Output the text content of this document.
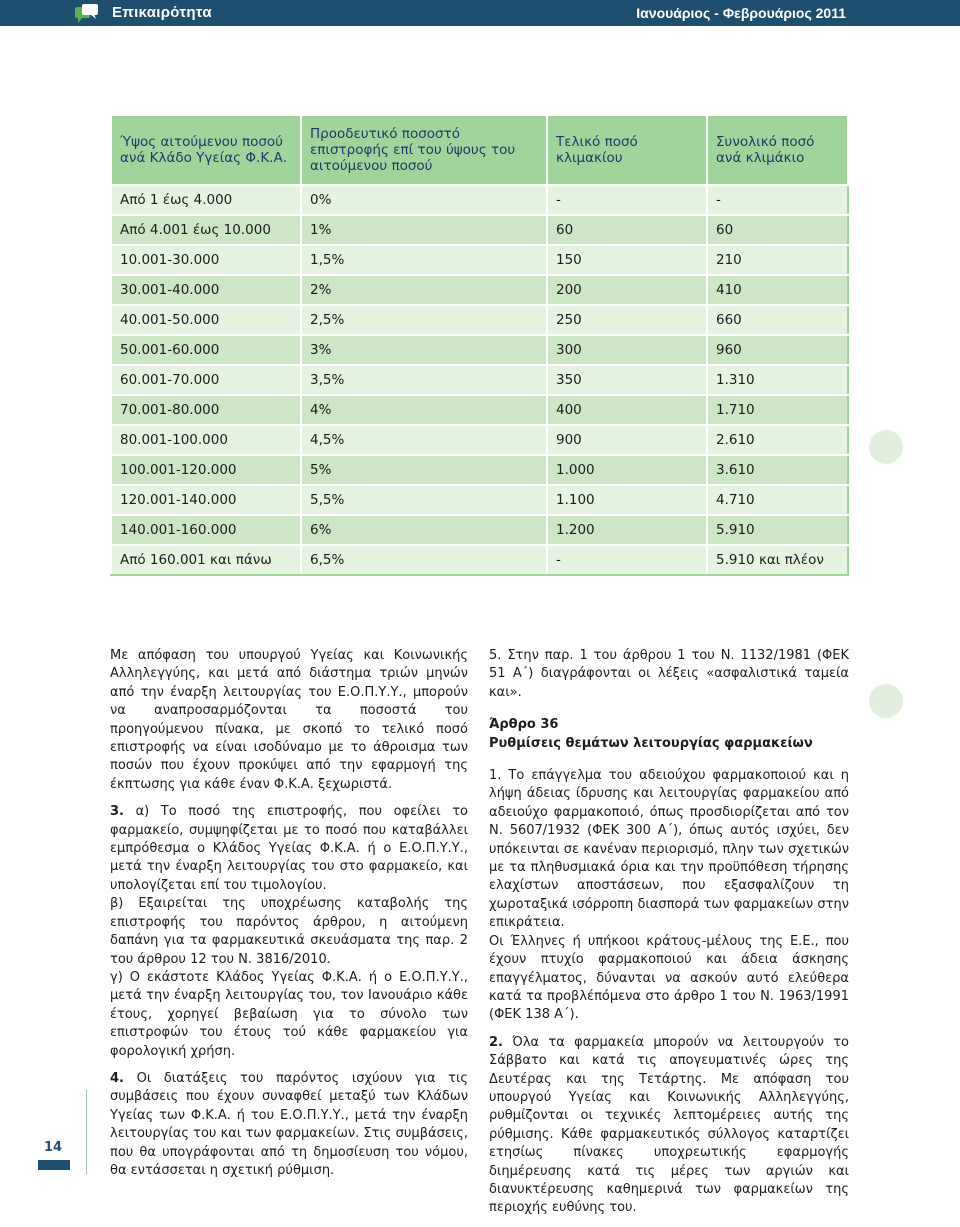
Επικαιρότητα	Ιανουάριος - Φεβρουάριος 2011
Ύψος αιτούμενου ποσού ανά Κλάδο Υγείας Φ.Κ.Α.	Προοδευτικό ποσοστό επιστροφής επί του ύψους του αιτούμενου ποσού	Τελικό ποσό κλιμακίου	Συνολικό ποσό ανά κλιμάκιο
Από 1 έως 4.000	0%	-	-
Από 4.001 έως 10.000	1%	60	60
10.001-30.000	1,5%	150	210
30.001-40.000	2%	200	410
40.001-50.000	2,5%	250	660
50.001-60.000	3%	300	960
60.001-70.000	3,5%	350	1.310
70.001-80.000	4%	400	1.710
80.001-100.000	4,5%	900	2.610
100.001-120.000	5%	1.000	3.610
120.001-140.000	5,5%	1.100	4.710
140.001-160.000	6%	1.200	5.910
Από 160.001 και πάνω	6,5%	-	5.910 και πλέον

Με απόφαση του υπουργού Υγείας και Κοινωνικής Αλληλεγγύης, και μετά από διάστημα τριών μηνών από την έναρξη λειτουργίας του Ε.Ο.Π.Υ.Υ., μπορούν να αναπροσαρμόζονται τα ποσοστά του προηγούμενου πίνακα, με σκοπό το τελικό ποσό επιστροφής να είναι ισοδύναμο με το άθροισμα των ποσών που έχουν προκύψει από την εφαρμογή της έκπτωσης για κάθε έναν Φ.Κ.Α. ξεχωριστά.

3. α) Το ποσό της επιστροφής, που οφείλει το φαρμακείο, συμψηφίζεται με το ποσό που καταβάλλει εμπρόθεσμα ο Κλάδος Υγείας Φ.Κ.Α. ή ο Ε.Ο.Π.Υ.Υ., μετά την έναρξη λειτουργίας του στο φαρμακείο, και υπολογίζεται επί του τιμολογίου.

β) Εξαιρείται της υποχρέωσης καταβολής της επιστροφής του παρόντος άρθρου, η αιτούμενη δαπάνη για τα φαρμακευτικά σκευάσματα της παρ. 2 του άρθρου 12 του Ν. 3816/2010.

γ) Ο εκάστοτε Κλάδος Υγείας Φ.Κ.Α. ή ο Ε.Ο.Π.Υ.Υ., μετά την έναρξη λειτουργίας του, τον Ιανουάριο κάθε έτους, χορηγεί βεβαίωση για το σύνολο των επιστροφών του έτους τού κάθε φαρμακείου για φορολογική χρήση.

4. Οι διατάξεις του παρόντος ισχύουν για τις συμβάσεις που έχουν συναφθεί μεταξύ των Κλάδων Υγείας των Φ.Κ.Α. ή του Ε.Ο.Π.Υ.Υ., μετά την έναρξη λειτουργίας του και των φαρμακείων. Στις συμβάσεις, που θα υπογράφονται από τη δημοσίευση του νόμου, θα εντάσσεται η σχετική ρύθμιση.

5. Στην παρ. 1 του άρθρου 1 του Ν. 1132/1981 (ΦΕΚ 51 Α΄) διαγράφονται οι λέξεις «ασφαλιστικά ταμεία και».

Άρθρο 36
Ρυθμίσεις θεμάτων λειτουργίας φαρμακείων

1. Το επάγγελμα του αδειούχου φαρμακοποιού και η λήψη άδειας ίδρυσης και λειτουργίας φαρμακείου από αδειούχο φαρμακοποιό, όπως προσδιορίζεται από τον Ν. 5607/1932 (ΦΕΚ 300 Α΄), όπως αυτός ισχύει, δεν υπόκεινται σε κανέναν περιορισμό, πλην των σχετικών με τα πληθυσμιακά όρια και την προϋπόθεση τήρησης ελαχίστων αποστάσεων, που εξασφαλίζουν τη χωροταξικά ισόρροπη διασπορά των φαρμακείων στην επικράτεια.

Οι Έλληνες ή υπήκοοι κράτους-μέλους της Ε.Ε., που έχουν πτυχίο φαρμακοποιού και άδεια άσκησης επαγγέλματος, δύνανται να ασκούν αυτό ελεύθερα κατά τα προβλέπόμενα στο άρθρο 1 του Ν. 1963/1991 (ΦΕΚ 138 Α΄).

2. Όλα τα φαρμακεία μπορούν να λειτουργούν το Σάββατο και κατά τις απογευματινές ώρες της Δευτέρας και της Τετάρτης. Με απόφαση του υπουργού Υγείας και Κοινωνικής Αλληλεγγύης, ρυθμίζονται οι τεχνικές λεπτομέρειες αυτής της ρύθμισης. Κάθε φαρμακευτικός σύλλογος καταρτίζει ετησίως πίνακες υποχρεωτικής εφαρμογής διημέρευσης κατά τις μέρες των αργιών και διανυκτέρευσης καθημερινά των φαρμακείων της περιοχής ευθύνης του.

14
